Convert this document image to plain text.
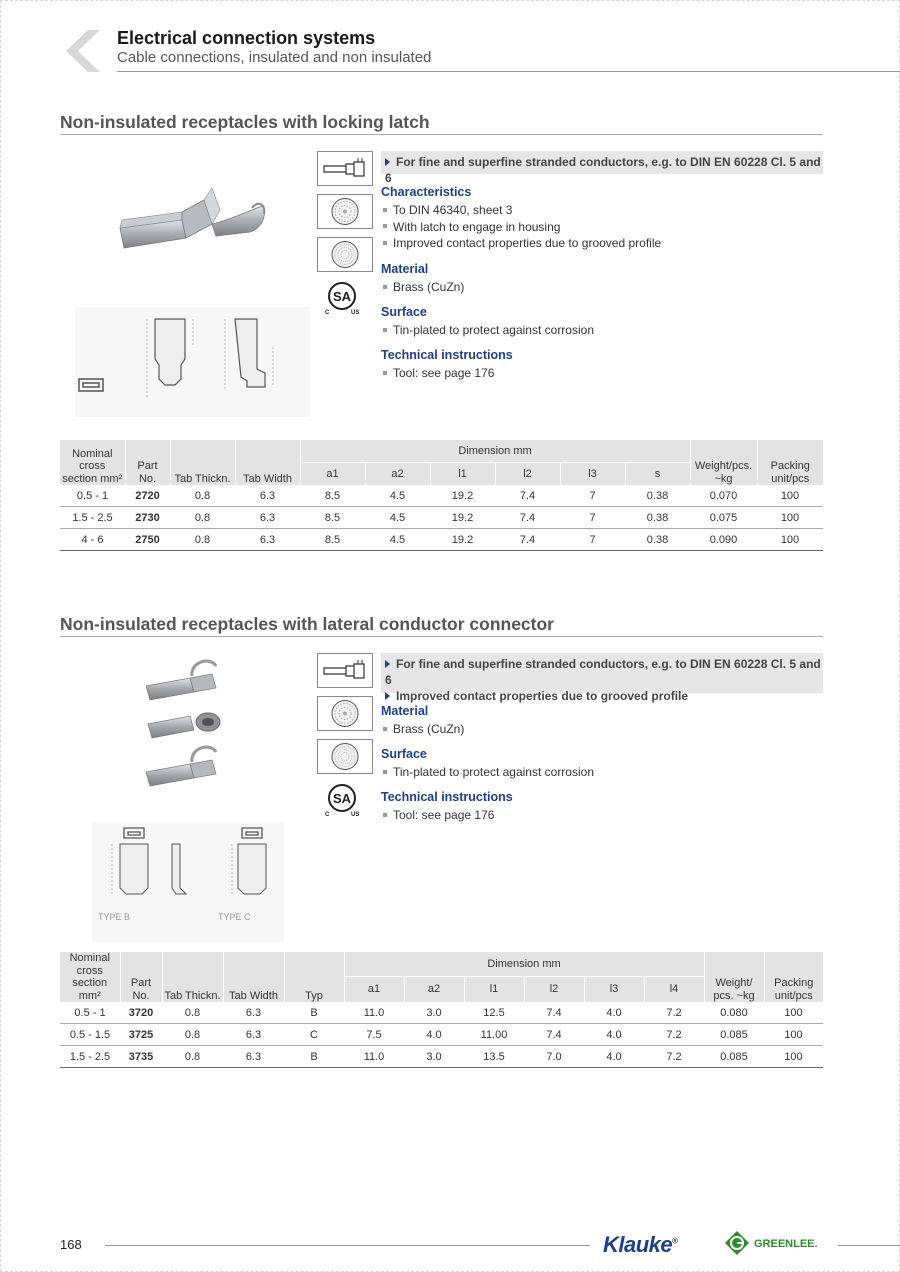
Electrical connection systems
Cable connections, insulated and non insulated
Non-insulated receptacles with locking latch
SA
C	US
For fine and superfine stranded conductors, e.g. to DIN EN 60228 Cl. 5 and 6
Characteristics
To DIN 46340, sheet 3
With latch to engage in housing
Improved contact properties due to grooved profile
Material
Brass (CuZn)
Surface
Tin-plated to protect against corrosion
Technical instructions
Tool: see page 176
Nominal
cross
section mm²	Part
No.	Tab Thickn.	Tab Width	Dimension mm						Weight/pcs.
~kg	Packing
unit/pcs
				a1	a2	l1	l2	l3	s		
0.5 - 1	2720	0.8	6.3	8.5	4.5	19.2	7.4	7	0.38	0.070	100
1.5 - 2.5	2730	0.8	6.3	8.5	4.5	19.2	7.4	7	0.38	0.075	100
4 - 6	2750	0.8	6.3	8.5	4.5	19.2	7.4	7	0.38	0.090	100
Non-insulated receptacles with lateral conductor connector
TYPE B	TYPE C
SA
C	US
For fine and superfine stranded conductors, e.g. to DIN EN 60228 Cl. 5 and 6
Improved contact properties due to grooved profile
Material
Brass (CuZn)
Surface
Tin-plated to protect against corrosion
Technical instructions
Tool: see page 176
Nominal
cross section
mm²	Part
No.	Tab Thickn.	Tab Width	Typ	Dimension mm						Weight/
pcs. ~kg	Packing
unit/pcs
					a1	a2	l1	l2	l3	l4		
0.5 - 1	3720	0.8	6.3	B	11.0	3.0	12.5	7.4	4.0	7.2	0.080	100
0.5 - 1.5	3725	0.8	6.3	C	7.5	4.0	11.00	7.4	4.0	7.2	0.085	100
1.5 - 2.5	3735	0.8	6.3	B	11.0	3.0	13.5	7.0	4.0	7.2	0.085	100
168	Klauke®	GREENLEE.
